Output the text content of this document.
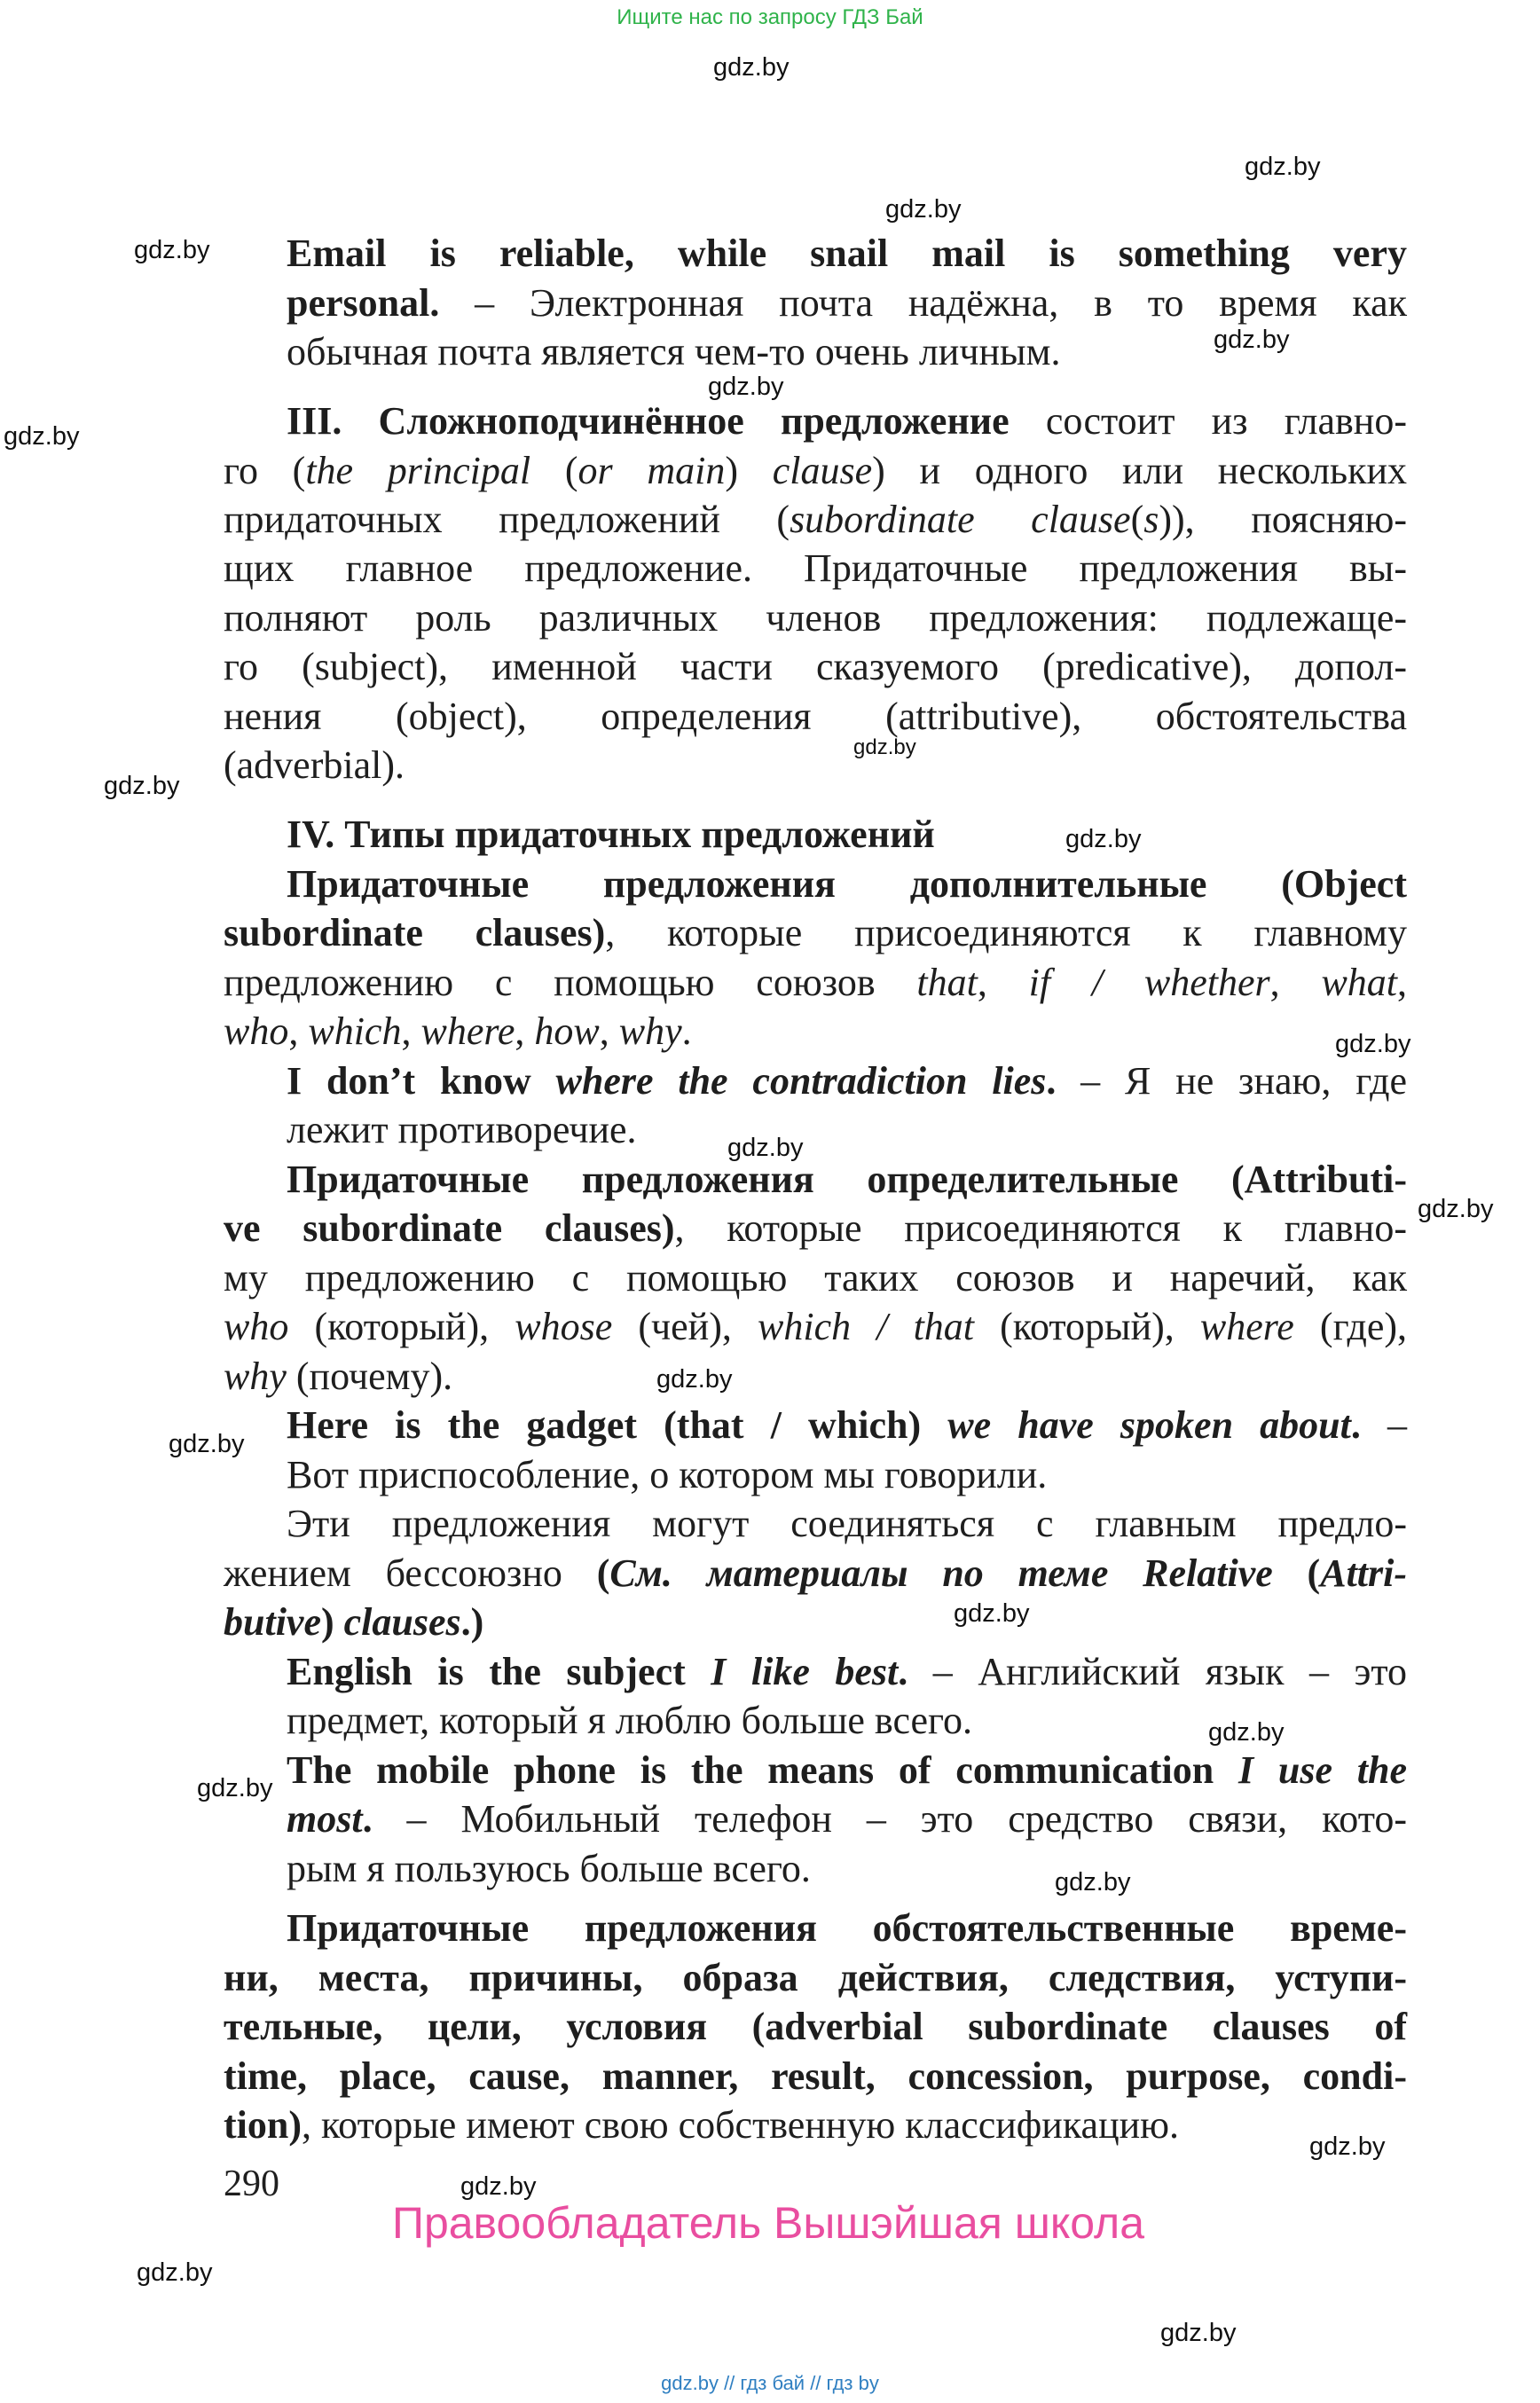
Ищите нас по запросу ГДЗ Бай
gdz.by
gdz.by
gdz.by
gdz.by
gdz.by
gdz.by
gdz.by
gdz.by
gdz.by
gdz.by
gdz.by
gdz.by
gdz.by
gdz.by
gdz.by
gdz.by
gdz.by
gdz.by
gdz.by
gdz.by
gdz.by
gdz.by
gdz.by
Email is reliable, while snail mail is something very
personal. – Электронная почта надёжна, в то время как
обычная почта является чем-то очень личным.
III. Сложноподчинённое предложение состоит из главно-
го (the principal (or main) clause) и одного или нескольких
придаточных предложений (subordinate clause(s)), поясняю-
щих главное предложение. Придаточные предложения вы-
полняют роль различных членов предложения: подлежаще-
го (subject), именной части сказуемого (predicative), допол-
нения (object), определения (attributive), обстоятельства
(adverbial).
IV. Типы придаточных предложений
Придаточные предложения дополнительные (Object
subordinate clauses), которые присоединяются к главному
предложению с помощью союзов that, if / whether, what,
who, which, where, how, why.
I don’t know where the contradiction lies. – Я не знаю, где
лежит противоречие.
Придаточные предложения определительные (Attributi-
ve subordinate clauses), которые присоединяются к главно-
му предложению с помощью таких союзов и наречий, как
who (который), whose (чей), which / that (который), where (где),
why (почему).
Here is the gadget (that / which) we have spoken about. –
Вот приспособление, о котором мы говорили.
Эти предложения могут соединяться с главным предло-
жением бессоюзно (См. материалы по теме Relative (Attri-
butive) clauses.)
English is the subject I like best. – Английский язык – это
предмет, который я люблю больше всего.
The mobile phone is the means of communication I use the
most. – Мобильный телефон – это средство связи, кото-
рым я пользуюсь больше всего.
Придаточные предложения обстоятельственные време-
ни, места, причины, образа действия, следствия, уступи-
тельные, цели, условия (adverbial subordinate clauses of
time, place, cause, manner, result, concession, purpose, condi-
tion), которые имеют свою собственную классификацию.
290
Правообладатель Вышэйшая школа
gdz.by // гдз бай // гдз by
